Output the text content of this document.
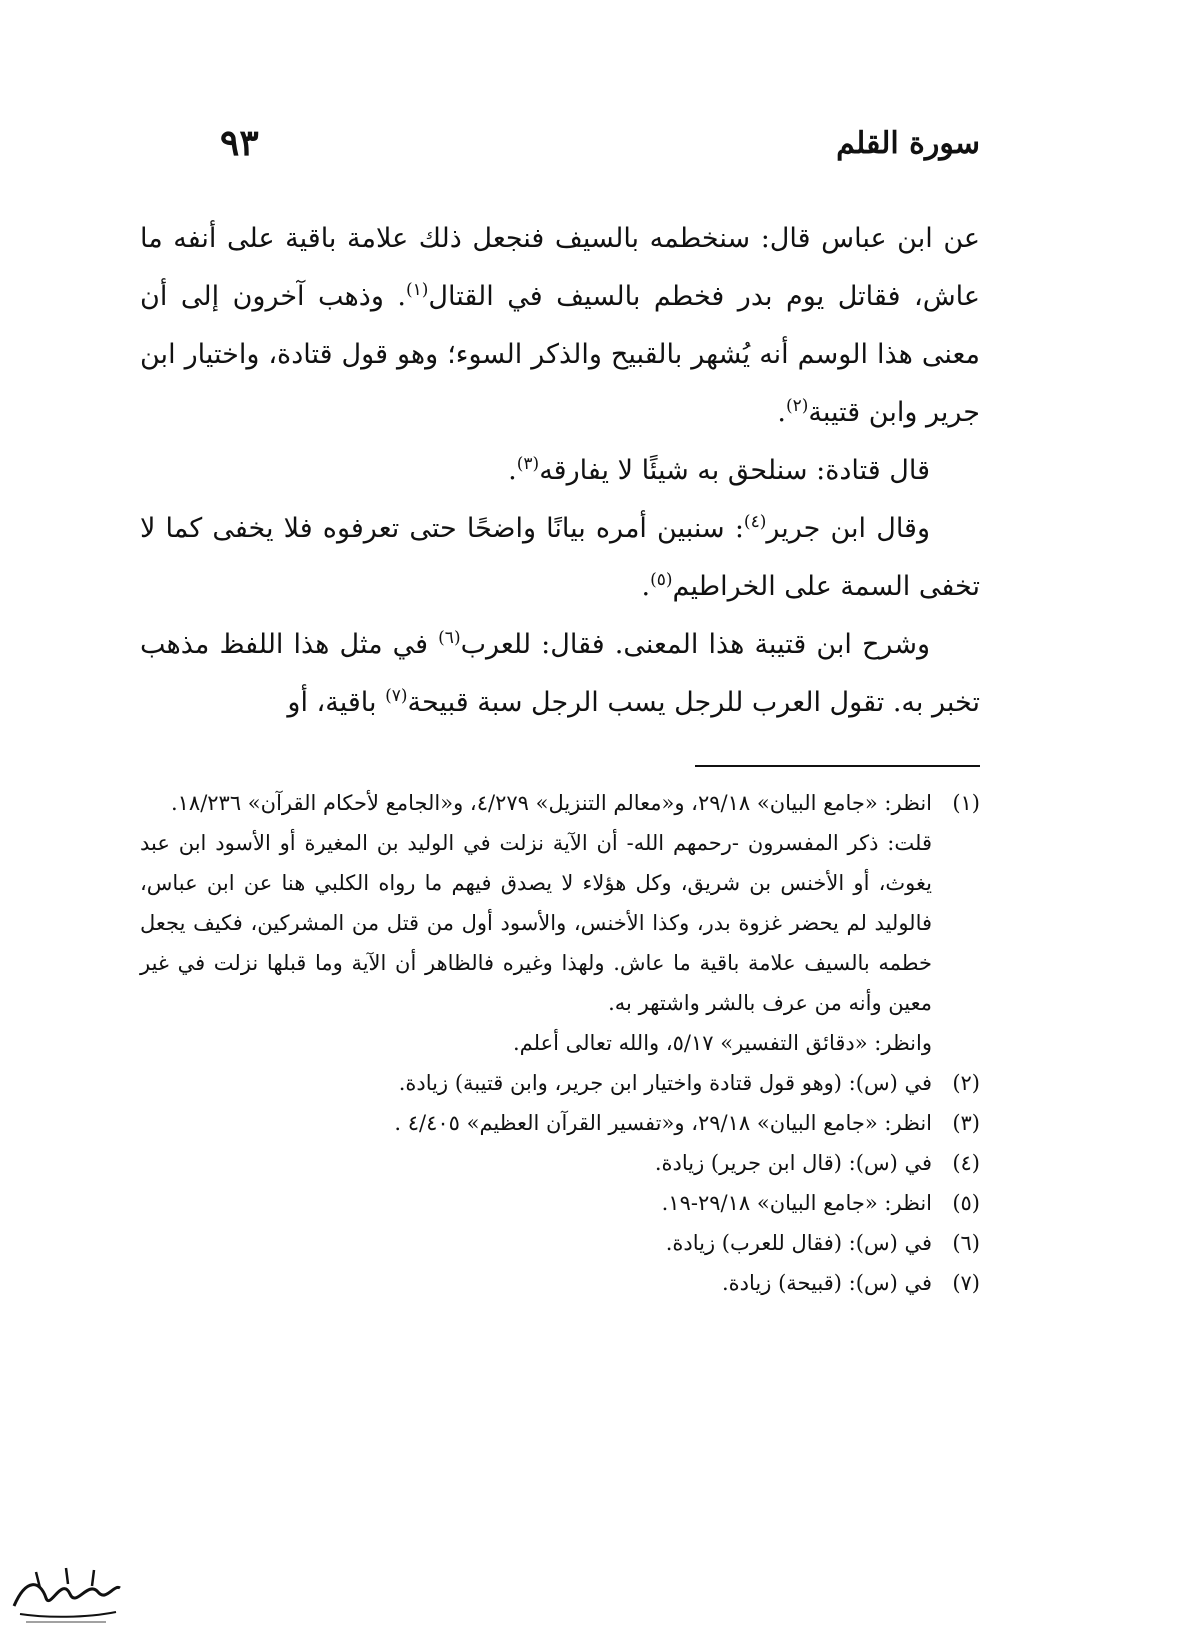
سورة القلم
٩٣

عن ابن عباس قال: سنخطمه بالسيف فنجعل ذلك علامة باقية على أنفه ما عاش، فقاتل يوم بدر فخطم بالسيف في القتال$^{(١)}$. وذهب آخرون إلى أن معنى هذا الوسم أنه يُشهر بالقبيح والذكر السوء؛ وهو قول قتادة، واختيار ابن جرير وابن قتيبة$^{(٢)}$.

قال قتادة: سنلحق به شيئًا لا يفارقه$^{(٣)}$.

وقال ابن جرير$^{(٤)}$: سنبين أمره بيانًا واضحًا حتى تعرفوه فلا يخفى كما لا تخفى السمة على الخراطيم$^{(٥)}$.

وشرح ابن قتيبة هذا المعنى. فقال: للعرب$^{(٦)}$ في مثل هذا اللفظ مذهب تخبر به. تقول العرب للرجل يسب الرجل سبة قبيحة$^{(٧)}$ باقية، أو

(١)
انظر: «جامع البيان» ٢٩/١٨، و«معالم التنزيل» ٤/٢٧٩، و«الجامع لأحكام القرآن» ١٨/٢٣٦.
قلت: ذكر المفسرون -رحمهم الله- أن الآية نزلت في الوليد بن المغيرة أو الأسود ابن عبد يغوث، أو الأخنس بن شريق، وكل هؤلاء لا يصدق فيهم ما رواه الكلبي هنا عن ابن عباس، فالوليد لم يحضر غزوة بدر، وكذا الأخنس، والأسود أول من قتل من المشركين، فكيف يجعل خطمه بالسيف علامة باقية ما عاش. ولهذا وغيره فالظاهر أن الآية وما قبلها نزلت في غير معين وأنه من عرف بالشر واشتهر به.
وانظر: «دقائق التفسير» ٥/١٧، والله تعالى أعلم.
(٢)
في (س): (وهو قول قتادة واختيار ابن جرير، وابن قتيبة) زيادة.
(٣)
انظر: «جامع البيان» ٢٩/١٨، و«تفسير القرآن العظيم» ٤/٤٠٥ .
(٤)
في (س): (قال ابن جرير) زيادة.
(٥)
انظر: «جامع البيان» ٢٩/١٨-١٩.
(٦)
في (س): (فقال للعرب) زيادة.
(٧)
في (س): (قبيحة) زيادة.
